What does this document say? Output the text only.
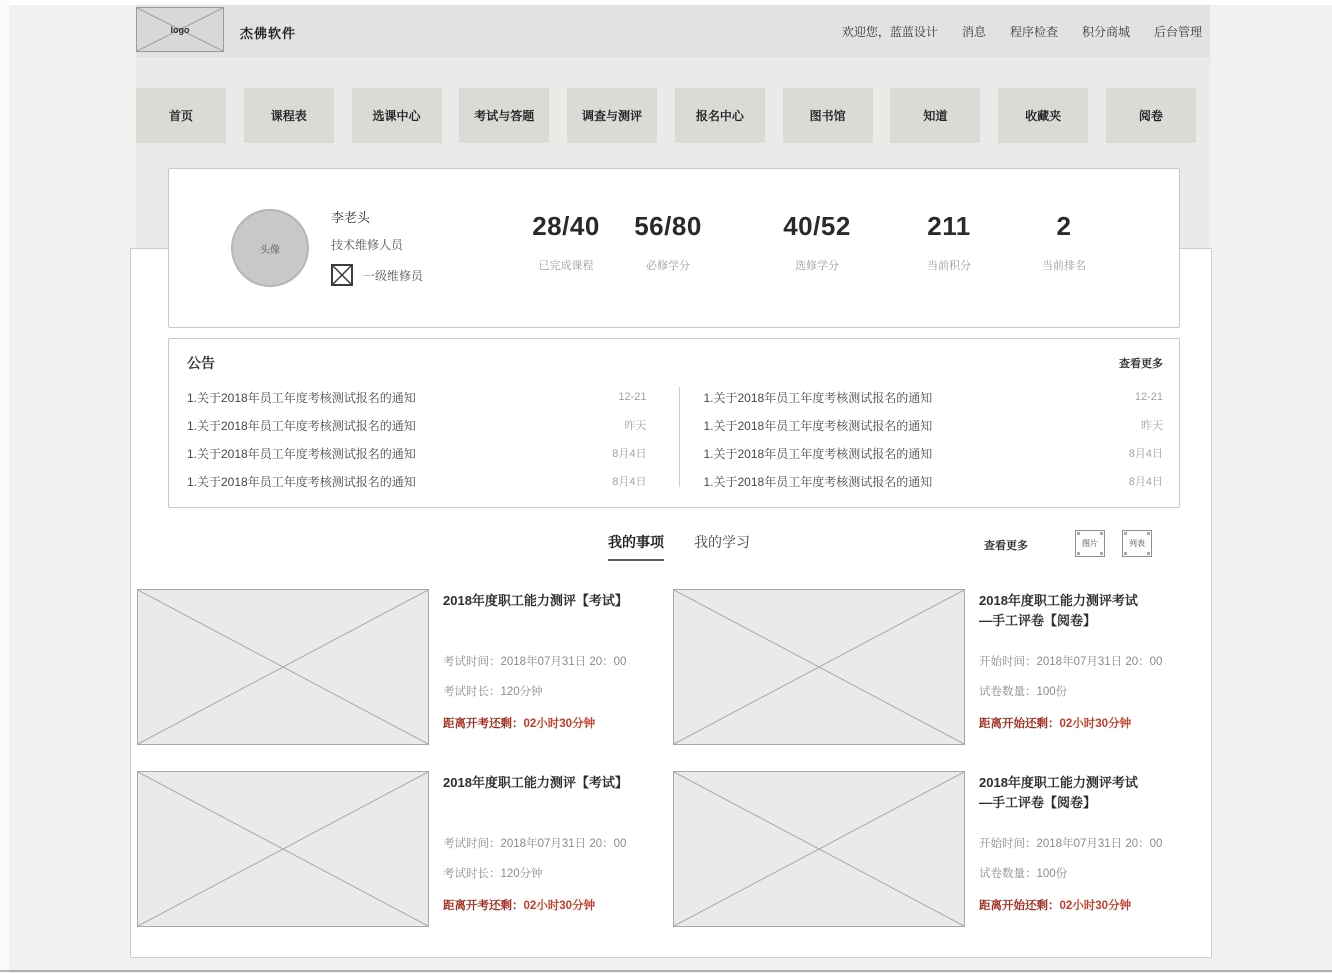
logo	杰佛软件	欢迎您，蓝蓝设计 消息 程序检查 积分商城 后台管理
首页	课程表	选课中心	考试与答题	调查与测评	报名中心	图书馆	知道	收藏夹	阅卷
我的事项 我的学习	查看更多	图片	列表
2018年度职工能力测评【考试】
考试时间：2018年07月31日 20：00
考试时长：120分钟
距离开考还剩：02小时30分钟
2018年度职工能力测评考试
—手工评卷【阅卷】
开始时间：2018年07月31日 20：00
试卷数量：100份
距离开始还剩：02小时30分钟
2018年度职工能力测评【考试】
考试时间：2018年07月31日 20：00
考试时长：120分钟
距离开考还剩：02小时30分钟
2018年度职工能力测评考试
—手工评卷【阅卷】
开始时间：2018年07月31日 20：00
试卷数量：100份
距离开始还剩：02小时30分钟
头像
李老头
技术维修人员
一级维修员
28/40
已完成课程
56/80
必修学分
40/52
选修学分
211
当前积分
2
当前排名
公告	查看更多
1.关于2018年员工年度考核测试报名的通知	12-21
1.关于2018年员工年度考核测试报名的通知	昨天
1.关于2018年员工年度考核测试报名的通知	8月4日
1.关于2018年员工年度考核测试报名的通知	8月4日
1.关于2018年员工年度考核测试报名的通知	12-21
1.关于2018年员工年度考核测试报名的通知	昨天
1.关于2018年员工年度考核测试报名的通知	8月4日
1.关于2018年员工年度考核测试报名的通知	8月4日
